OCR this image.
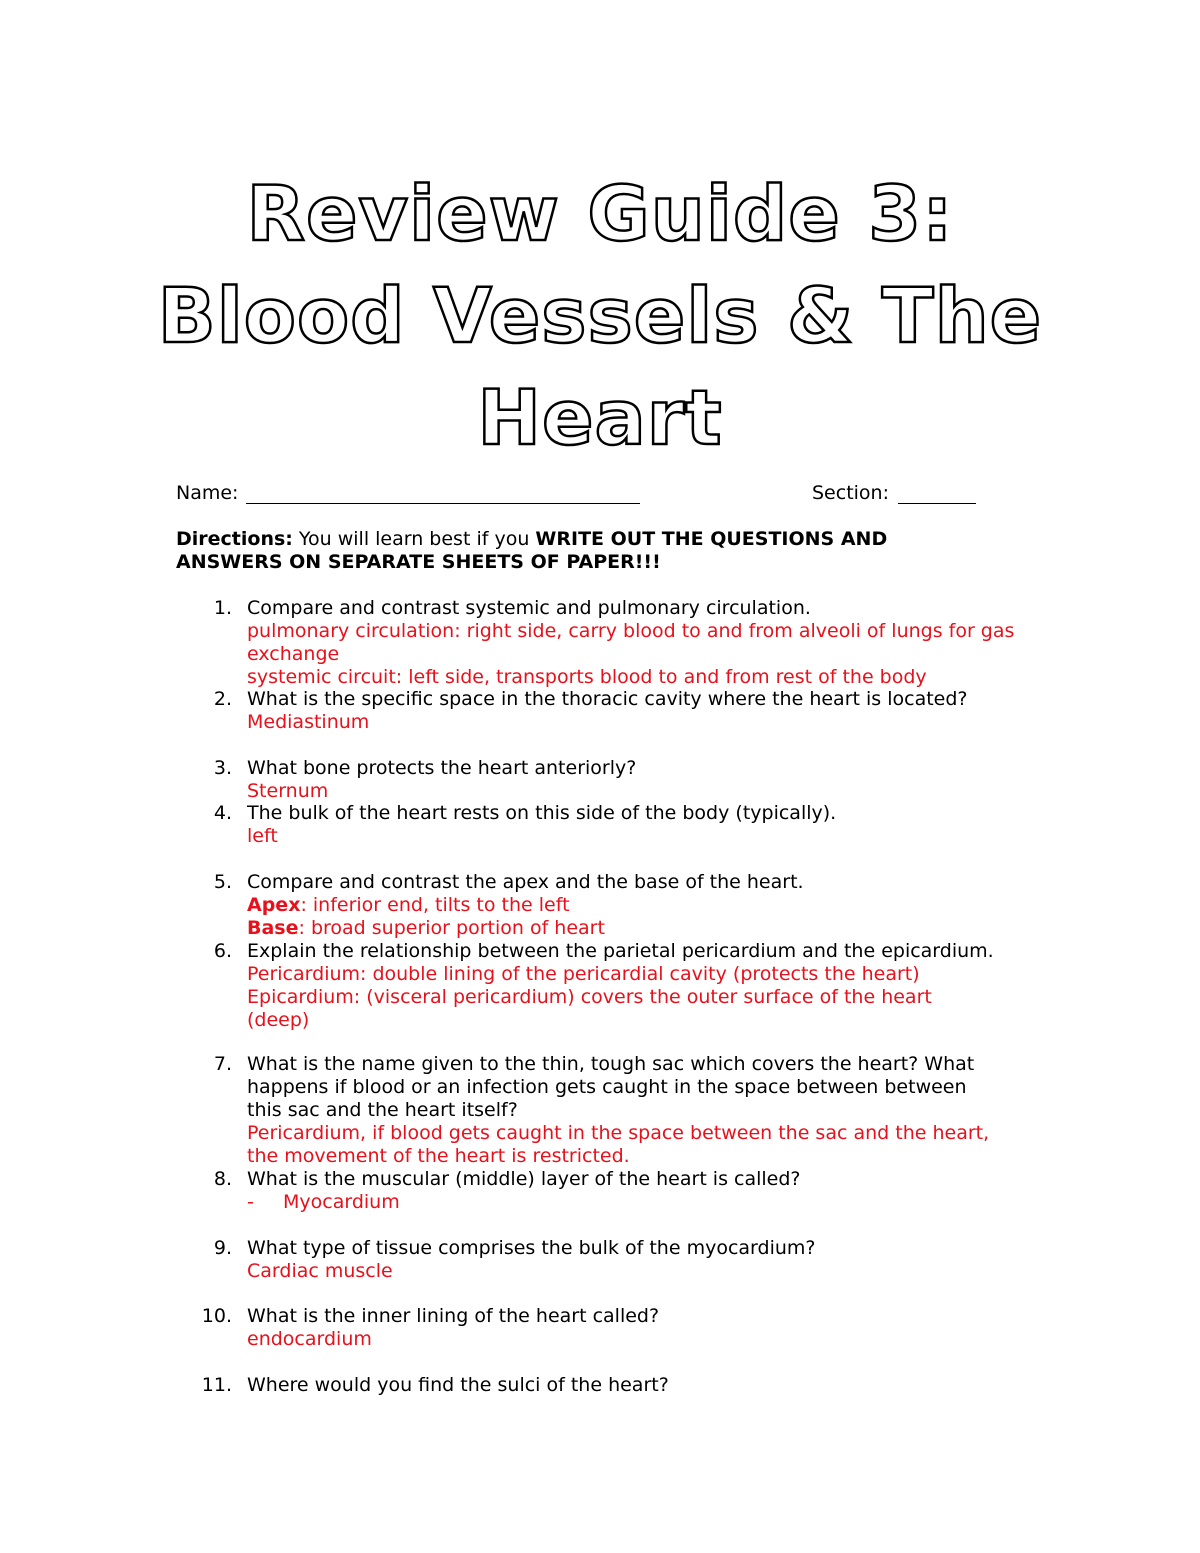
Review Guide 3:
Blood Vessels & The
Heart
Name:	Section:
Directions: You will learn best if you WRITE OUT THE QUESTIONS AND
ANSWERS ON SEPARATE SHEETS OF PAPER!!!
1. Compare and contrast systemic and pulmonary circulation.
pulmonary circulation: right side, carry blood to and from alveoli of lungs for gas
exchange
systemic circuit: left side, transports blood to and from rest of the body
2. What is the specific space in the thoracic cavity where the heart is located?
Mediastinum
3. What bone protects the heart anteriorly?
Sternum
4. The bulk of the heart rests on this side of the body (typically).
left
5. Compare and contrast the apex and the base of the heart.
Apex: inferior end, tilts to the left
Base: broad superior portion of heart
6. Explain the relationship between the parietal pericardium and the epicardium.
Pericardium: double lining of the pericardial cavity (protects the heart)
Epicardium: (visceral pericardium) covers the outer surface of the heart
(deep)
7. What is the name given to the thin, tough sac which covers the heart? What
happens if blood or an infection gets caught in the space between between
this sac and the heart itself?
Pericardium, if blood gets caught in the space between the sac and the heart,
the movement of the heart is restricted.
8. What is the muscular (middle) layer of the heart is called?
- Myocardium
9. What type of tissue comprises the bulk of the myocardium?
Cardiac muscle
10. What is the inner lining of the heart called?
endocardium
11. Where would you find the sulci of the heart?
